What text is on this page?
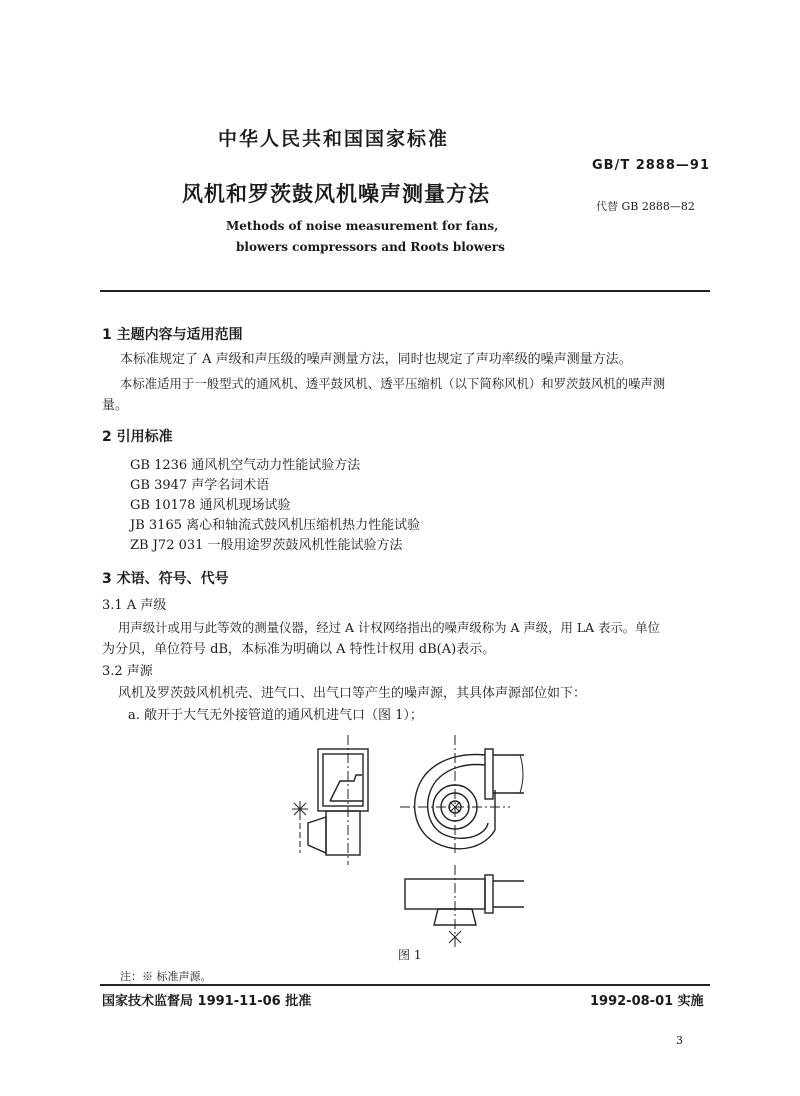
中华人民共和国国家标准
GB/T 2888—91
风机和罗茨鼓风机噪声测量方法
代替 GB 2888—82
Methods of noise measurement for fans,
blowers compressors and Roots blowers
1 主题内容与适用范围
本标准规定了 A 声级和声压级的噪声测量方法，同时也规定了声功率级的噪声测量方法。
本标准适用于一般型式的通风机、透平鼓风机、透平压缩机（以下简称风机）和罗茨鼓风机的噪声测
量。
2 引用标准
GB 1236 通风机空气动力性能试验方法
GB 3947 声学名词术语
GB 10178 通风机现场试验
JB 3165 离心和轴流式鼓风机压缩机热力性能试验
ZB J72 031 一般用途罗茨鼓风机性能试验方法
3 术语、符号、代号
3.1 A 声级
用声级计或用与此等效的测量仪器，经过 A 计权网络指出的噪声级称为 A 声级，用 LA 表示。单位
为分贝，单位符号 dB，本标准为明确以 A 特性计权用 dB(A)表示。
3.2 声源
风机及罗茨鼓风机机壳、进气口、出气口等产生的噪声源，其具体声源部位如下：
a. 敞开于大气无外接管道的通风机进气口（图 1）；
图 1
注：※ 标准声源。
国家技术监督局 1991-11-06 批准	1992-08-01 实施
3
